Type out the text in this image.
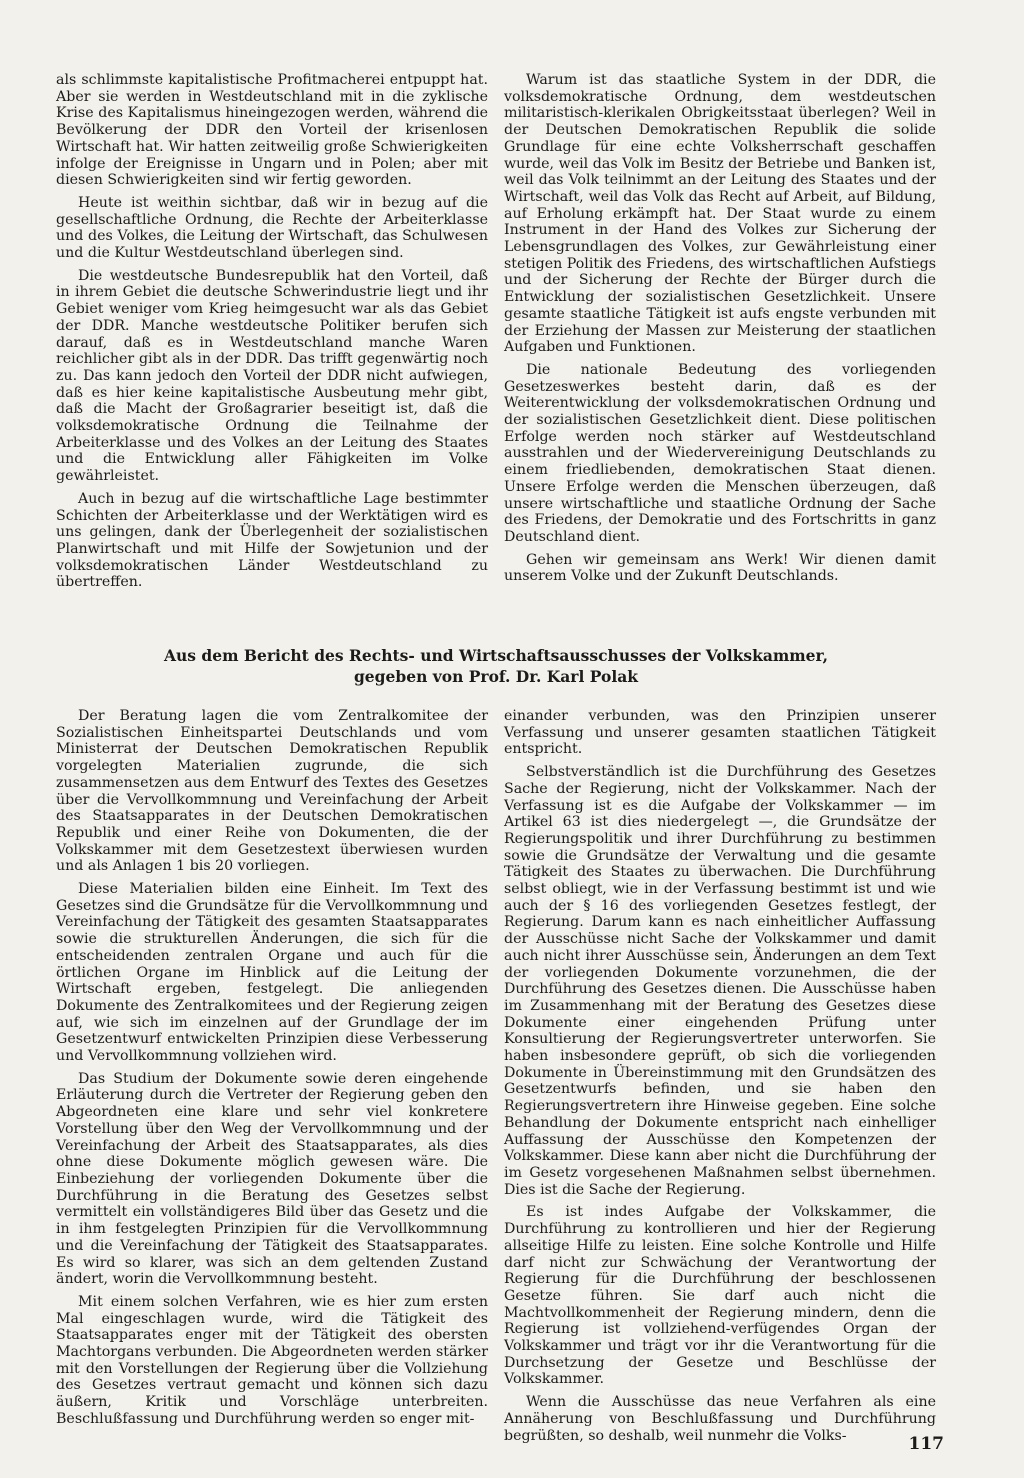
als schlimmste kapitalistische Profitmacherei entpuppt hat. Aber sie werden in Westdeutschland mit in die zyklische Krise des Kapitalismus hineingezogen werden, während die Bevölkerung der DDR den Vorteil der krisenlosen Wirtschaft hat. Wir hatten zeitweilig große Schwierigkeiten infolge der Ereignisse in Ungarn und in Polen; aber mit diesen Schwierigkeiten sind wir fertig geworden.

Heute ist weithin sichtbar, daß wir in bezug auf die gesellschaftliche Ordnung, die Rechte der Arbeiterklasse und des Volkes, die Leitung der Wirtschaft, das Schulwesen und die Kultur Westdeutschland überlegen sind.

Die westdeutsche Bundesrepublik hat den Vorteil, daß in ihrem Gebiet die deutsche Schwerindustrie liegt und ihr Gebiet weniger vom Krieg heimgesucht war als das Gebiet der DDR. Manche westdeutsche Politiker berufen sich darauf, daß es in Westdeutschland manche Waren reichlicher gibt als in der DDR. Das trifft gegenwärtig noch zu. Das kann jedoch den Vorteil der DDR nicht aufwiegen, daß es hier keine kapitalistische Ausbeutung mehr gibt, daß die Macht der Großagrarier beseitigt ist, daß die volksdemokratische Ordnung die Teilnahme der Arbeiterklasse und des Volkes an der Leitung des Staates und die Entwicklung aller Fähigkeiten im Volke gewährleistet.

Auch in bezug auf die wirtschaftliche Lage bestimmter Schichten der Arbeiterklasse und der Werktätigen wird es uns gelingen, dank der Überlegenheit der sozialistischen Planwirtschaft und mit Hilfe der Sowjetunion und der volksdemokratischen Länder Westdeutschland zu übertreffen.

Warum ist das staatliche System in der DDR, die volksdemokratische Ordnung, dem westdeutschen militaristisch-klerikalen Obrigkeitsstaat überlegen? Weil in der Deutschen Demokratischen Republik die solide Grundlage für eine echte Volksherrschaft geschaffen wurde, weil das Volk im Besitz der Betriebe und Banken ist, weil das Volk teilnimmt an der Leitung des Staates und der Wirtschaft, weil das Volk das Recht auf Arbeit, auf Bildung, auf Erholung erkämpft hat. Der Staat wurde zu einem Instrument in der Hand des Volkes zur Sicherung der Lebensgrundlagen des Volkes, zur Gewährleistung einer stetigen Politik des Friedens, des wirtschaftlichen Aufstiegs und der Sicherung der Rechte der Bürger durch die Entwicklung der sozialistischen Gesetzlichkeit. Unsere gesamte staatliche Tätigkeit ist aufs engste verbunden mit der Erziehung der Massen zur Meisterung der staatlichen Aufgaben und Funktionen.

Die nationale Bedeutung des vorliegenden Gesetzeswerkes besteht darin, daß es der Weiterentwicklung der volksdemokratischen Ordnung und der sozialistischen Gesetzlichkeit dient. Diese politischen Erfolge werden noch stärker auf Westdeutschland ausstrahlen und der Wiedervereinigung Deutschlands zu einem friedliebenden, demokratischen Staat dienen. Unsere Erfolge werden die Menschen überzeugen, daß unsere wirtschaftliche und staatliche Ordnung der Sache des Friedens, der Demokratie und des Fortschritts in ganz Deutschland dient.

Gehen wir gemeinsam ans Werk! Wir dienen damit unserem Volke und der Zukunft Deutschlands.

Aus dem Bericht des Rechts- und Wirtschaftsausschusses der Volkskammer,
gegeben von Prof. Dr. Karl Polak

Der Beratung lagen die vom Zentralkomitee der Sozialistischen Einheitspartei Deutschlands und vom Ministerrat der Deutschen Demokratischen Republik vorgelegten Materialien zugrunde, die sich zusammensetzen aus dem Entwurf des Textes des Gesetzes über die Vervollkommnung und Vereinfachung der Arbeit des Staatsapparates in der Deutschen Demokratischen Republik und einer Reihe von Dokumenten, die der Volkskammer mit dem Gesetzestext überwiesen wurden und als Anlagen 1 bis 20 vorliegen.

Diese Materialien bilden eine Einheit. Im Text des Gesetzes sind die Grundsätze für die Vervollkommnung und Vereinfachung der Tätigkeit des gesamten Staatsapparates sowie die strukturellen Änderungen, die sich für die entscheidenden zentralen Organe und auch für die örtlichen Organe im Hinblick auf die Leitung der Wirtschaft ergeben, festgelegt. Die anliegenden Dokumente des Zentralkomitees und der Regierung zeigen auf, wie sich im einzelnen auf der Grundlage der im Gesetzentwurf entwickelten Prinzipien diese Verbesserung und Vervollkommnung vollziehen wird.

Das Studium der Dokumente sowie deren eingehende Erläuterung durch die Vertreter der Regierung geben den Abgeordneten eine klare und sehr viel konkretere Vorstellung über den Weg der Vervollkommnung und der Vereinfachung der Arbeit des Staatsapparates, als dies ohne diese Dokumente möglich gewesen wäre. Die Einbeziehung der vorliegenden Dokumente über die Durchführung in die Beratung des Gesetzes selbst vermittelt ein vollständigeres Bild über das Gesetz und die in ihm festgelegten Prinzipien für die Vervollkommnung und die Vereinfachung der Tätigkeit des Staatsapparates. Es wird so klarer, was sich an dem geltenden Zustand ändert, worin die Vervollkommnung besteht.

Mit einem solchen Verfahren, wie es hier zum ersten Mal eingeschlagen wurde, wird die Tätigkeit des Staatsapparates enger mit der Tätigkeit des obersten Machtorgans verbunden. Die Abgeordneten werden stärker mit den Vorstellungen der Regierung über die Vollziehung des Gesetzes vertraut gemacht und können sich dazu äußern, Kritik und Vorschläge unterbreiten. Beschlußfassung und Durchführung werden so enger mit-

einander verbunden, was den Prinzipien unserer Verfassung und unserer gesamten staatlichen Tätigkeit entspricht.

Selbstverständlich ist die Durchführung des Gesetzes Sache der Regierung, nicht der Volkskammer. Nach der Verfassung ist es die Aufgabe der Volkskammer — im Artikel 63 ist dies niedergelegt —, die Grundsätze der Regierungspolitik und ihrer Durchführung zu bestimmen sowie die Grundsätze der Verwaltung und die gesamte Tätigkeit des Staates zu überwachen. Die Durchführung selbst obliegt, wie in der Verfassung bestimmt ist und wie auch der § 16 des vorliegenden Gesetzes festlegt, der Regierung. Darum kann es nach einheitlicher Auffassung der Ausschüsse nicht Sache der Volkskammer und damit auch nicht ihrer Ausschüsse sein, Änderungen an dem Text der vorliegenden Dokumente vorzunehmen, die der Durchführung des Gesetzes dienen. Die Ausschüsse haben im Zusammenhang mit der Beratung des Gesetzes diese Dokumente einer eingehenden Prüfung unter Konsultierung der Regierungsvertreter unterworfen. Sie haben insbesondere geprüft, ob sich die vorliegenden Dokumente in Übereinstimmung mit den Grundsätzen des Gesetzentwurfs befinden, und sie haben den Regierungsvertretern ihre Hinweise gegeben. Eine solche Behandlung der Dokumente entspricht nach einhelliger Auffassung der Ausschüsse den Kompetenzen der Volkskammer. Diese kann aber nicht die Durchführung der im Gesetz vorgesehenen Maßnahmen selbst übernehmen. Dies ist die Sache der Regierung.

Es ist indes Aufgabe der Volkskammer, die Durchführung zu kontrollieren und hier der Regierung allseitige Hilfe zu leisten. Eine solche Kontrolle und Hilfe darf nicht zur Schwächung der Verantwortung der Regierung für die Durchführung der beschlossenen Gesetze führen. Sie darf auch nicht die Machtvollkommenheit der Regierung mindern, denn die Regierung ist vollziehend-verfügendes Organ der Volkskammer und trägt vor ihr die Verantwortung für die Durchsetzung der Gesetze und Beschlüsse der Volkskammer.

Wenn die Ausschüsse das neue Verfahren als eine Annäherung von Beschlußfassung und Durchführung begrüßten, so deshalb, weil nunmehr die Volks-	117
